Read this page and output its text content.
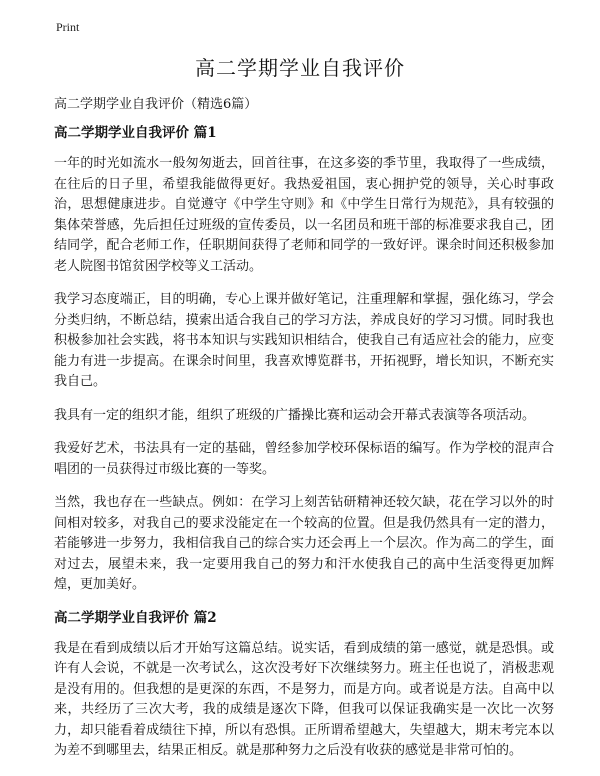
Print
高二学期学业自我评价

高二学期学业自我评价（精选6篇）

高二学期学业自我评价 篇1

一年的时光如流水一般匆匆逝去，回首往事，在这多姿的季节里，我取得了一些成绩，在往后的日子里，希望我能做得更好。我热爱祖国，衷心拥护党的领导，关心时事政治，思想健康进步。自觉遵守《中学生守则》和《中学生日常行为规范》，具有较强的集体荣誉感，先后担任过班级的宣传委员，以一名团员和班干部的标准要求我自己，团结同学，配合老师工作，任职期间获得了老师和同学的一致好评。课余时间还积极参加老人院图书馆贫困学校等义工活动。

我学习态度端正，目的明确，专心上课并做好笔记，注重理解和掌握，强化练习，学会分类归纳，不断总结，摸索出适合我自己的学习方法，养成良好的学习习惯。同时我也积极参加社会实践，将书本知识与实践知识相结合，使我自己有适应社会的能力，应变能力有进一步提高。在课余时间里，我喜欢博览群书，开拓视野，增长知识，不断充实我自己。

我具有一定的组织才能，组织了班级的广播操比赛和运动会开幕式表演等各项活动。

我爱好艺术，书法具有一定的基础，曾经参加学校环保标语的编写。作为学校的混声合唱团的一员获得过市级比赛的一等奖。

当然，我也存在一些缺点。例如：在学习上刻苦钻研精神还较欠缺，花在学习以外的时间相对较多，对我自己的要求没能定在一个较高的位置。但是我仍然具有一定的潜力，若能够进一步努力，我相信我自己的综合实力还会再上一个层次。作为高二的学生，面对过去，展望未来，我一定要用我自己的努力和汗水使我自己的高中生活变得更加辉煌，更加美好。

高二学期学业自我评价 篇2

我是在看到成绩以后才开始写这篇总结。说实话，看到成绩的第一感觉，就是恐惧。或许有人会说，不就是一次考试么，这次没考好下次继续努力。班主任也说了，消极悲观是没有用的。但我想的是更深的东西，不是努力，而是方向。或者说是方法。自高中以来，共经历了三次大考，我的成绩是逐次下降，但我可以保证我确实是一次比一次努力，却只能看着成绩往下掉，所以有恐惧。正所谓希望越大，失望越大，期末考完本以为差不到哪里去，结果正相反。就是那种努力之后没有收获的感觉是非常可怕的。
